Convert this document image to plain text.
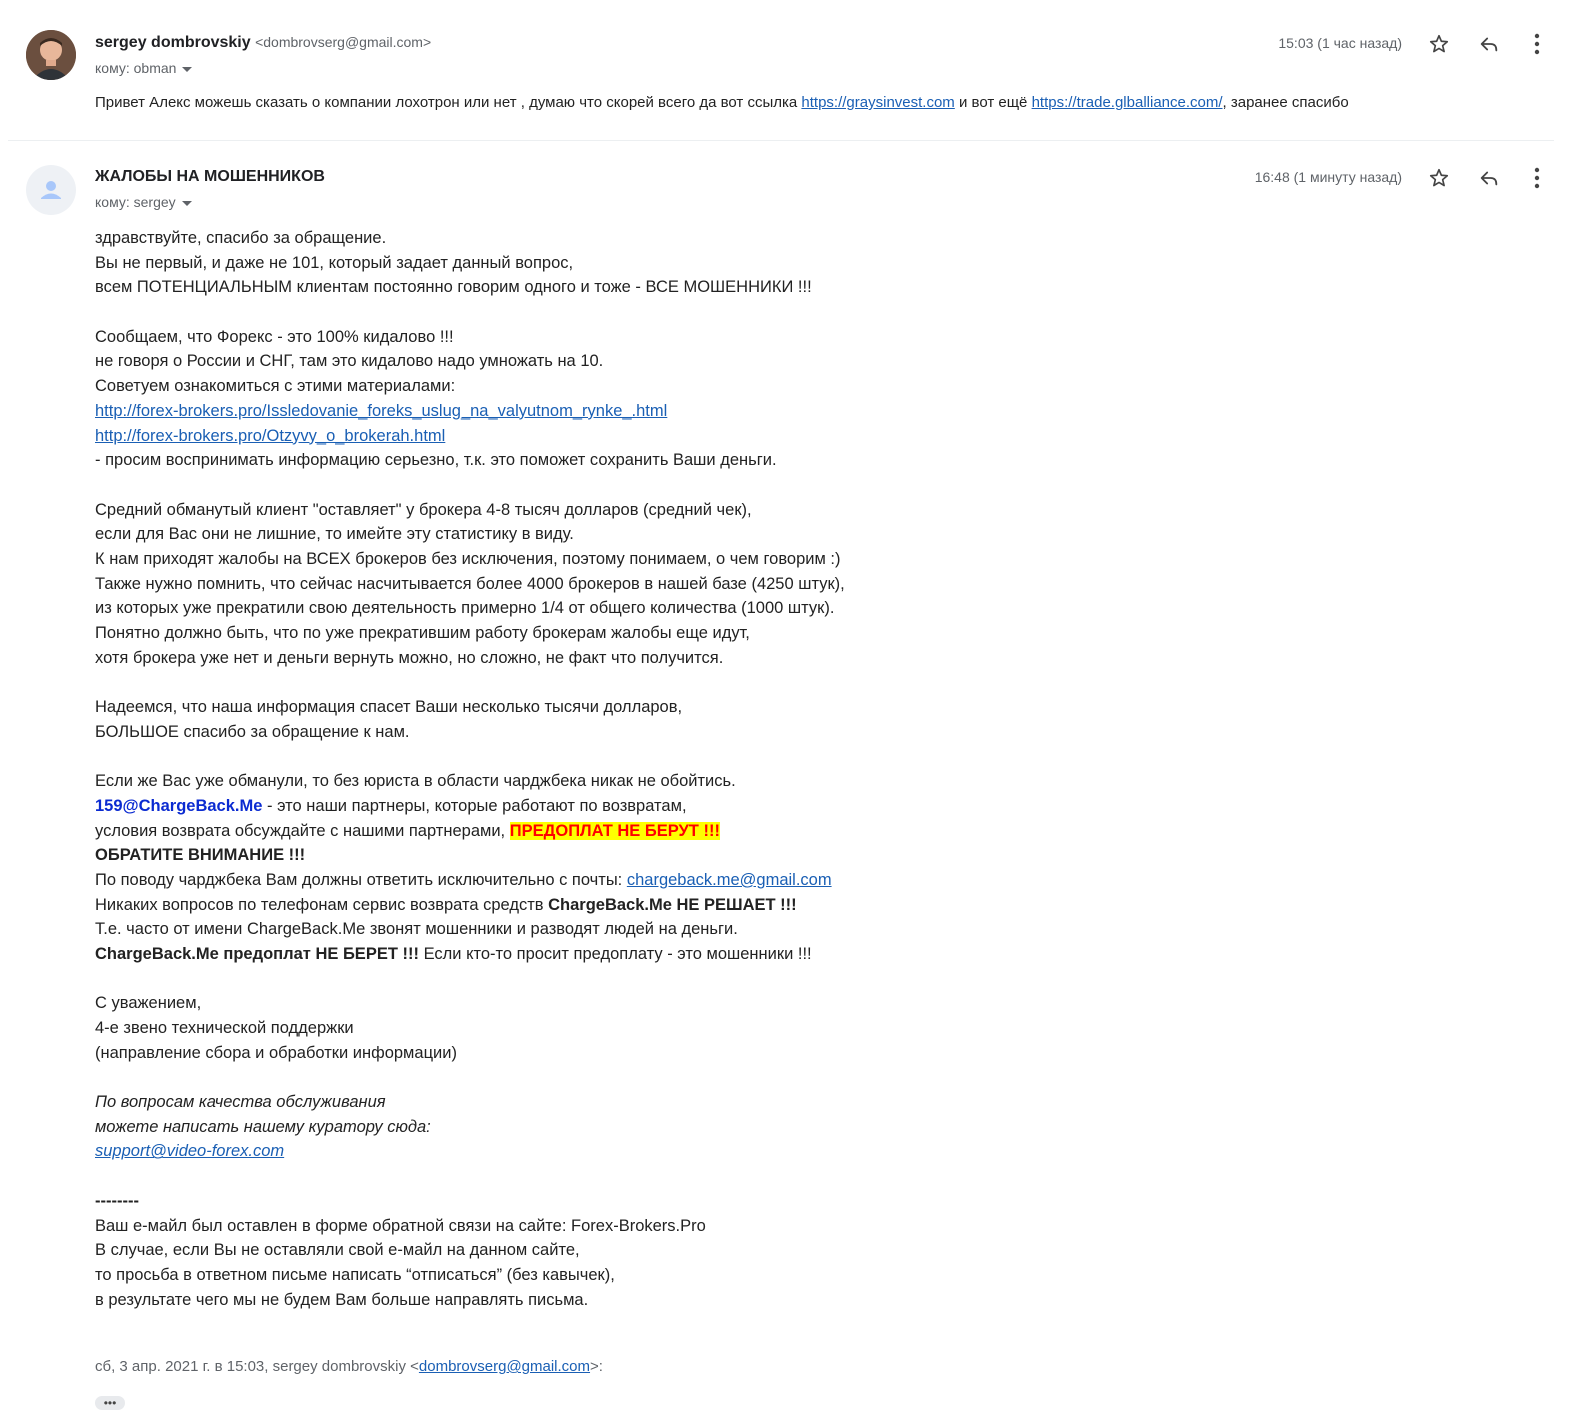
sergey dombrovskiy <dombrovserg@gmail.com>
кому: obman
15:03 (1 час назад)
Привет Алекс можешь сказать о компании лохотрон или нет , думаю что скорей всего да вот ссылка https://graysinvest.com и вот ещё https://trade.glballiance.com/, заранее спасибо
ЖАЛОБЫ НА МОШЕННИКОВ
кому: sergey
16:48 (1 минуту назад)
здравствуйте, спасибо за обращение.
Вы не первый, и даже не 101, который задает данный вопрос,
всем ПОТЕНЦИАЛЬНЫМ клиентам постоянно говорим одного и тоже - ВСЕ МОШЕННИКИ !!!
Сообщаем, что Форекс - это 100% кидалово !!!
не говоря о России и СНГ, там это кидалово надо умножать на 10.
Советуем ознакомиться с этими материалами:
http://forex-brokers.pro/Issledovanie_foreks_uslug_na_valyutnom_rynke_.html
http://forex-brokers.pro/Otzyvy_o_brokerah.html
- просим воспринимать информацию серьезно, т.к. это поможет сохранить Ваши деньги.
Средний обманутый клиент "оставляет" у брокера 4-8 тысяч долларов (средний чек),
если для Вас они не лишние, то имейте эту статистику в виду.
К нам приходят жалобы на ВСЕХ брокеров без исключения, поэтому понимаем, о чем говорим :)
Также нужно помнить, что сейчас насчитывается более 4000 брокеров в нашей базе (4250 штук),
из которых уже прекратили свою деятельность примерно 1/4 от общего количества (1000 штук).
Понятно должно быть, что по уже прекратившим работу брокерам жалобы еще идут,
хотя брокера уже нет и деньги вернуть можно, но сложно, не факт что получится.
Надеемся, что наша информация спасет Ваши несколько тысячи долларов,
БОЛЬШОЕ спасибо за обращение к нам.
Если же Вас уже обманули, то без юриста в области чарджбека никак не обойтись.
159@ChargeBack.Me - это наши партнеры, которые работают по возвратам,
условия возврата обсуждайте с нашими партнерами, ПРЕДОПЛАТ НЕ БЕРУТ !!!
ОБРАТИТЕ ВНИМАНИЕ !!!
По поводу чарджбека Вам должны ответить исключительно с почты: chargeback.me@gmail.com
Никаких вопросов по телефонам сервис возврата средств ChargeBack.Me НЕ РЕШАЕТ !!!
Т.е. часто от имени ChargeBack.Me звонят мошенники и разводят людей на деньги.
ChargeBack.Me предоплат НЕ БЕРЕТ !!! Если кто-то просит предоплату - это мошенники !!!
С уважением,
4-е звено технической поддержки
(направление сбора и обработки информации)
По вопросам качества обслуживания
можете написать нашему куратору сюда:
support@video-forex.com
--------
Ваш е-майл был оставлен в форме обратной связи на сайте: Forex-Brokers.Pro
В случае, если Вы не оставляли свой е-майл на данном сайте,
то просьба в ответном письме написать “отписаться” (без кавычек),
в результате чего мы не будем Вам больше направлять письма.
сб, 3 апр. 2021 г. в 15:03, sergey dombrovskiy <dombrovserg@gmail.com>:
•••
